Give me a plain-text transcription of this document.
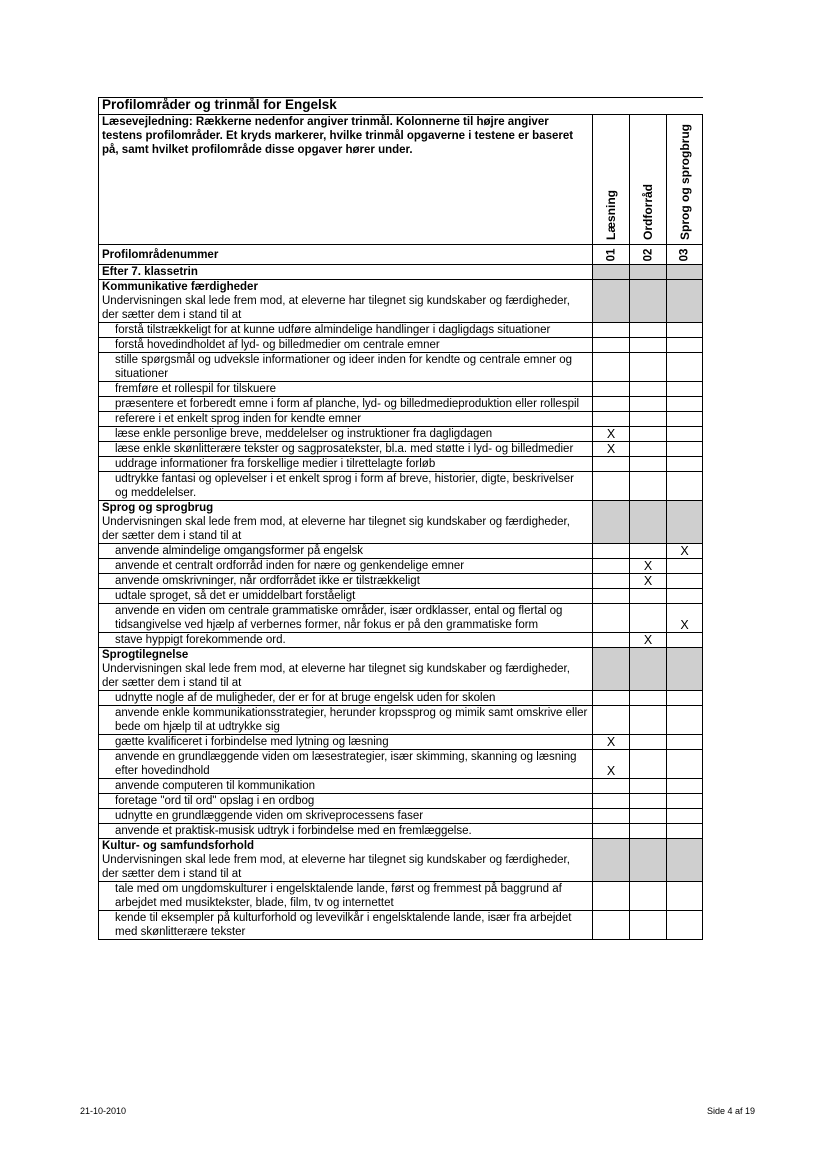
Profilområder og trinmål for Engelsk			
Læsevejledning: Rækkerne nedenfor angiver trinmål. Kolonnerne til højre angiver testens profilområder. Et kryds markerer, hvilke trinmål opgaverne i testene er baseret på, samt hvilket profilområde disse opgaver hører under.	Læsning	Ordforråd	Sprog og sprogbrug
Profilområdenummer	01	02	03
Efter 7. klassetrin			

Kommunikative færdigheder
Undervisningen skal lede frem mod, at eleverne har tilegnet sig kundskaber og færdigheder, der sætter dem i stand til at			

forstå tilstrækkeligt for at kunne udføre almindelige handlinger i dagligdags situationer			
forstå hovedindholdet af lyd- og billedmedier om centrale emner			
stille spørgsmål og udveksle informationer og ideer inden for kendte og centrale emner og situationer			
fremføre et rollespil for tilskuere			
præsentere et forberedt emne i form af planche, lyd- og billedmedieproduktion eller rollespil			
referere i et enkelt sprog inden for kendte emner			
læse enkle personlige breve, meddelelser og instruktioner fra dagligdagen	X		
læse enkle skønlitterære tekster og sagprosatekster, bl.a. med støtte i lyd- og billedmedier	X		
uddrage informationer fra forskellige medier i tilrettelagte forløb			
udtrykke fantasi og oplevelser i et enkelt sprog i form af breve, historier, digte, beskrivelser og meddelelser.			

Sprog og sprogbrug
Undervisningen skal lede frem mod, at eleverne har tilegnet sig kundskaber og færdigheder, der sætter dem i stand til at			

anvende almindelige omgangsformer på engelsk			X
anvende et centralt ordforråd inden for nære og genkendelige emner		X	
anvende omskrivninger, når ordforrådet ikke er tilstrækkeligt		X	
udtale sproget, så det er umiddelbart forståeligt			
anvende en viden om centrale grammatiske områder, især ordklasser, ental og flertal og tidsangivelse ved hjælp af verbernes former, når fokus er på den grammatiske form			X
stave hyppigt forekommende ord.		X	

Sprogtilegnelse
Undervisningen skal lede frem mod, at eleverne har tilegnet sig kundskaber og færdigheder, der sætter dem i stand til at			

udnytte nogle af de muligheder, der er for at bruge engelsk uden for skolen			
anvende enkle kommunikationsstrategier, herunder kropssprog og mimik samt omskrive eller bede om hjælp til at udtrykke sig			
gætte kvalificeret i forbindelse med lytning og læsning	X		
anvende en grundlæggende viden om læsestrategier, især skimming, skanning og læsning efter hovedindhold	X		
anvende computeren til kommunikation			
foretage "ord til ord" opslag i en ordbog			
udnytte en grundlæggende viden om skriveprocessens faser			
anvende et praktisk-musisk udtryk i forbindelse med en fremlæggelse.			

Kultur- og samfundsforhold
Undervisningen skal lede frem mod, at eleverne har tilegnet sig kundskaber og færdigheder, der sætter dem i stand til at			

tale med om ungdomskulturer i engelsktalende lande, først og fremmest på baggrund af arbejdet med musiktekster, blade, film, tv og internettet			
kende til eksempler på kulturforhold og levevilkår i engelsktalende lande, især fra arbejdet med skønlitterære tekster			
21-10-2010	Side 4 af 19
